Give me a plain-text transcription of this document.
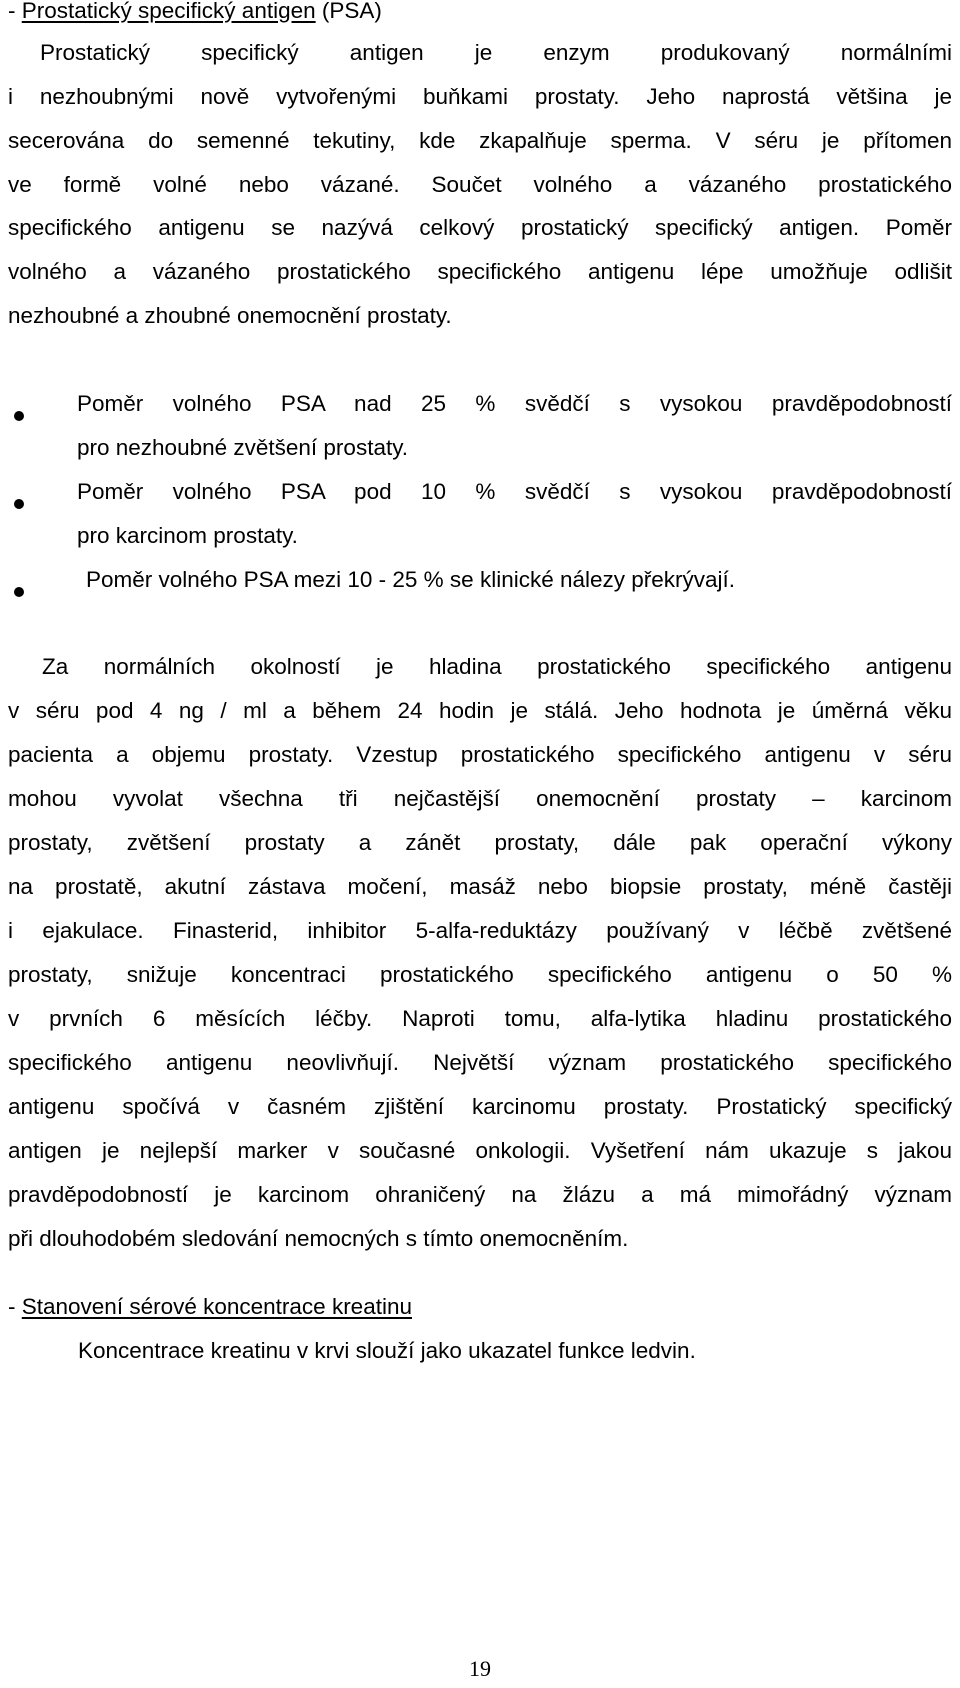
- Prostatický specifický antigen (PSA)
Prostatický specifický antigen je enzym produkovaný normálními
i nezhoubnými nově vytvořenými buňkami prostaty. Jeho naprostá většina je
secerována do semenné tekutiny, kde zkapalňuje sperma. V séru je přítomen
ve formě volné nebo vázané. Součet volného a vázaného prostatického
specifického antigenu se nazývá celkový prostatický specifický antigen. Poměr
volného a vázaného prostatického specifického antigenu lépe umožňuje odlišit
nezhoubné a zhoubné onemocnění prostaty.
Poměr volného PSA nad 25 % svědčí s vysokou pravděpodobností
pro nezhoubné zvětšení prostaty.
Poměr volného PSA pod 10 % svědčí s vysokou pravděpodobností
pro karcinom prostaty.
Poměr volného PSA mezi 10 - 25 % se klinické nálezy překrývají.
Za normálních okolností je hladina prostatického specifického antigenu
v séru pod 4 ng / ml a během 24 hodin je stálá. Jeho hodnota je úměrná věku
pacienta a objemu prostaty. Vzestup prostatického specifického antigenu v séru
mohou vyvolat všechna tři nejčastější onemocnění prostaty – karcinom
prostaty, zvětšení prostaty a zánět prostaty, dále pak operační výkony
na prostatě, akutní zástava močení, masáž nebo biopsie prostaty, méně častěji
i ejakulace. Finasterid, inhibitor 5-alfa-reduktázy používaný v léčbě zvětšené
prostaty, snižuje koncentraci prostatického specifického antigenu o 50 %
v prvních 6 měsících léčby. Naproti tomu, alfa-lytika hladinu prostatického
specifického antigenu neovlivňují. Největší význam prostatického specifického
antigenu spočívá v časném zjištění karcinomu prostaty. Prostatický specifický
antigen je nejlepší marker v současné onkologii. Vyšetření nám ukazuje s jakou
pravděpodobností je karcinom ohraničený na žlázu a má mimořádný význam
při dlouhodobém sledování nemocných s tímto onemocněním.
- Stanovení sérové koncentrace kreatinu
Koncentrace kreatinu v krvi slouží jako ukazatel funkce ledvin.
19
